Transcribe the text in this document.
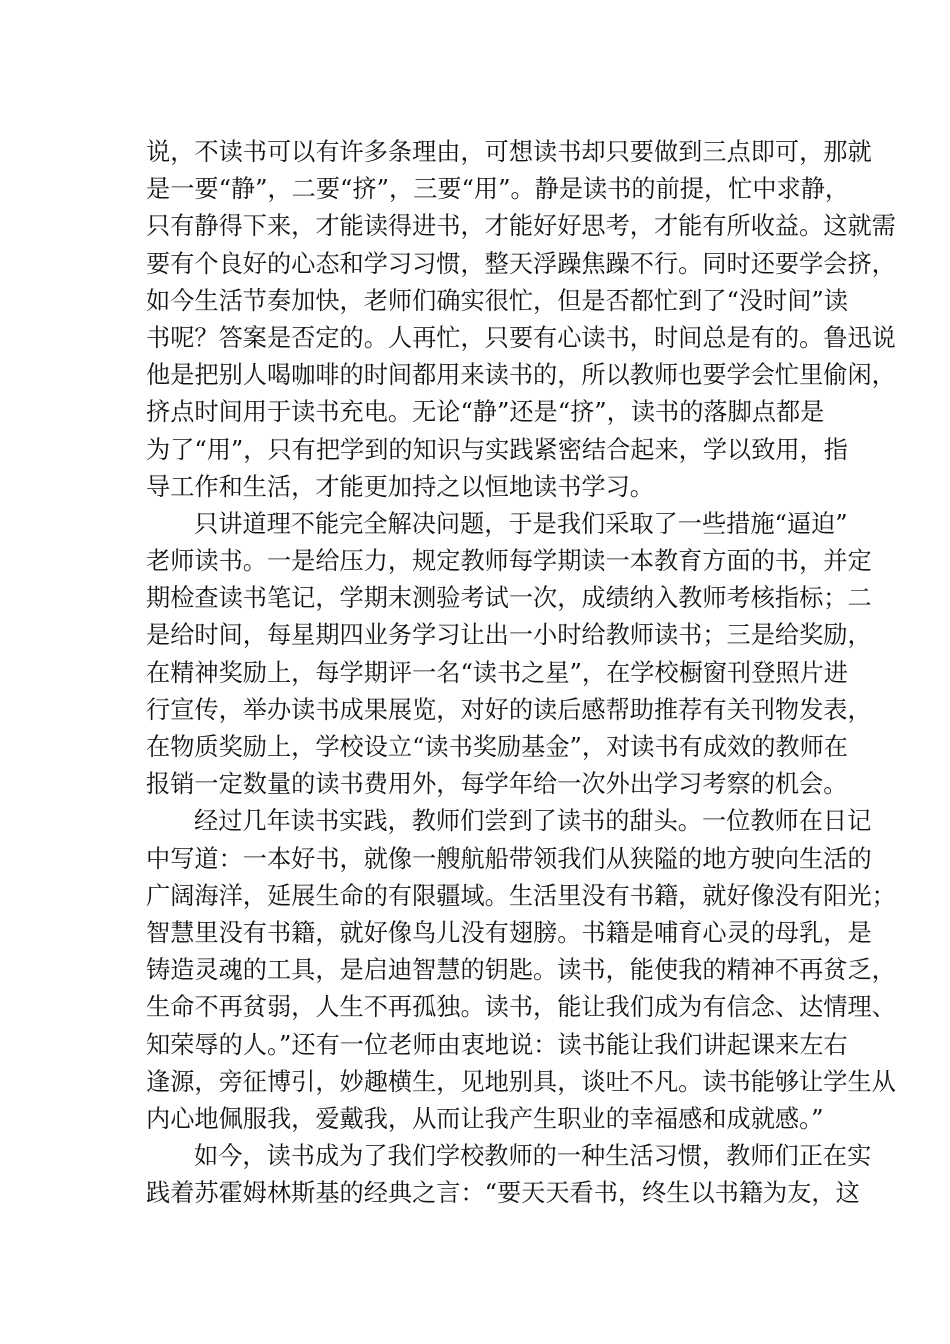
说，不读书可以有许多条理由，可想读书却只要做到三点即可，那就
是一要“静”，二要“挤”，三要“用”。静是读书的前提，忙中求静，
只有静得下来，才能读得进书，才能好好思考，才能有所收益。这就需
要有个良好的心态和学习习惯，整天浮躁焦躁不行。同时还要学会挤，
如今生活节奏加快，老师们确实很忙，但是否都忙到了“没时间”读
书呢？答案是否定的。人再忙，只要有心读书，时间总是有的。鲁迅说
他是把别人喝咖啡的时间都用来读书的，所以教师也要学会忙里偷闲，
挤点时间用于读书充电。无论“静”还是“挤”，读书的落脚点都是
为了“用”，只有把学到的知识与实践紧密结合起来，学以致用，指
导工作和生活，才能更加持之以恒地读书学习。
只讲道理不能完全解决问题，于是我们采取了一些措施“逼迫”
老师读书。一是给压力，规定教师每学期读一本教育方面的书，并定
期检查读书笔记，学期末测验考试一次，成绩纳入教师考核指标；二
是给时间，每星期四业务学习让出一小时给教师读书；三是给奖励，
在精神奖励上，每学期评一名“读书之星”，在学校橱窗刊登照片进
行宣传，举办读书成果展览，对好的读后感帮助推荐有关刊物发表，
在物质奖励上，学校设立“读书奖励基金”，对读书有成效的教师在
报销一定数量的读书费用外，每学年给一次外出学习考察的机会。
经过几年读书实践，教师们尝到了读书的甜头。一位教师在日记
中写道：一本好书，就像一艘航船带领我们从狭隘的地方驶向生活的
广阔海洋，延展生命的有限疆域。生活里没有书籍，就好像没有阳光；
智慧里没有书籍，就好像鸟儿没有翅膀。书籍是哺育心灵的母乳，是
铸造灵魂的工具，是启迪智慧的钥匙。读书，能使我的精神不再贫乏，
生命不再贫弱，人生不再孤独。读书，能让我们成为有信念、达情理、
知荣辱的人。”还有一位老师由衷地说：读书能让我们讲起课来左右
逢源，旁征博引，妙趣横生，见地别具，谈吐不凡。读书能够让学生从
内心地佩服我，爱戴我，从而让我产生职业的幸福感和成就感。”
如今，读书成为了我们学校教师的一种生活习惯，教师们正在实
践着苏霍姆林斯基的经典之言：“要天天看书，终生以书籍为友，这
